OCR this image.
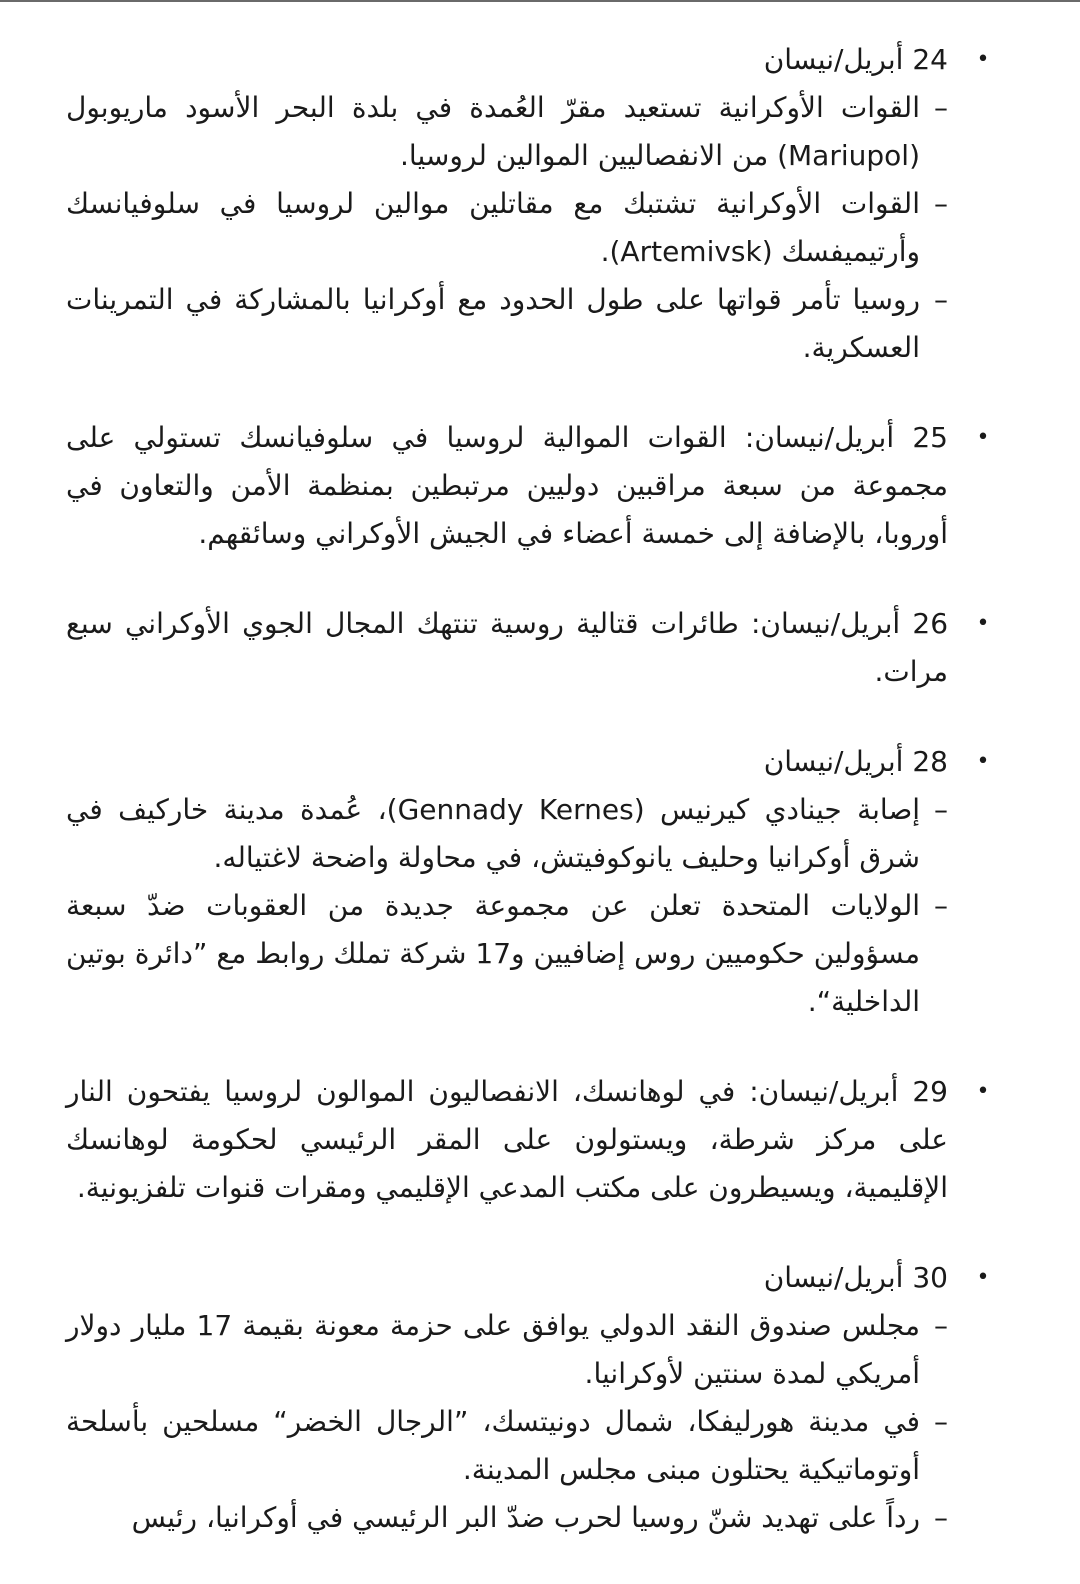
•
24 أبريل/نيسان
–
القوات الأوكرانية تستعيد مقرّ العُمدة في بلدة البحر الأسود ماريوبول (Mariupol) من الانفصاليين الموالين لروسيا.
–
القوات الأوكرانية تشتبك مع مقاتلين موالين لروسيا في سلوفيانسك وأرتيميفسك (Artemivsk).
–
روسيا تأمر قواتها على طول الحدود مع أوكرانيا بالمشاركة في التمرينات العسكرية.
•
25 أبريل/نيسان: القوات الموالية لروسيا في سلوفيانسك تستولي على مجموعة من سبعة مراقبين دوليين مرتبطين بمنظمة الأمن والتعاون في أوروبا، بالإضافة إلى خمسة أعضاء في الجيش الأوكراني وسائقهم.
•
26 أبريل/نيسان: طائرات قتالية روسية تنتهك المجال الجوي الأوكراني سبع مرات.
•
28 أبريل/نيسان
–
إصابة جينادي كيرنيس (Gennady Kernes)، عُمدة مدينة خاركيف في شرق أوكرانيا وحليف يانوكوفيتش، في محاولة واضحة لاغتياله.
–
الولايات المتحدة تعلن عن مجموعة جديدة من العقوبات ضدّ سبعة مسؤولين حكوميين روس إضافيين و17 شركة تملك روابط مع ”دائرة بوتين الداخلية“.
•
29 أبريل/نيسان: في لوهانسك، الانفصاليون الموالون لروسيا يفتحون النار على مركز شرطة، ويستولون على المقر الرئيسي لحكومة لوهانسك الإقليمية، ويسيطرون على مكتب المدعي الإقليمي ومقرات قنوات تلفزيونية.
•
30 أبريل/نيسان
–
مجلس صندوق النقد الدولي يوافق على حزمة معونة بقيمة 17 مليار دولار أمريكي لمدة سنتين لأوكرانيا.
–
في مدينة هورليفكا، شمال دونيتسك، ”الرجال الخضر“ مسلحين بأسلحة أوتوماتيكية يحتلون مبنى مجلس المدينة.
–
رداً على تهديد شنّ روسيا لحرب ضدّ البر الرئيسي في أوكرانيا، رئيس
